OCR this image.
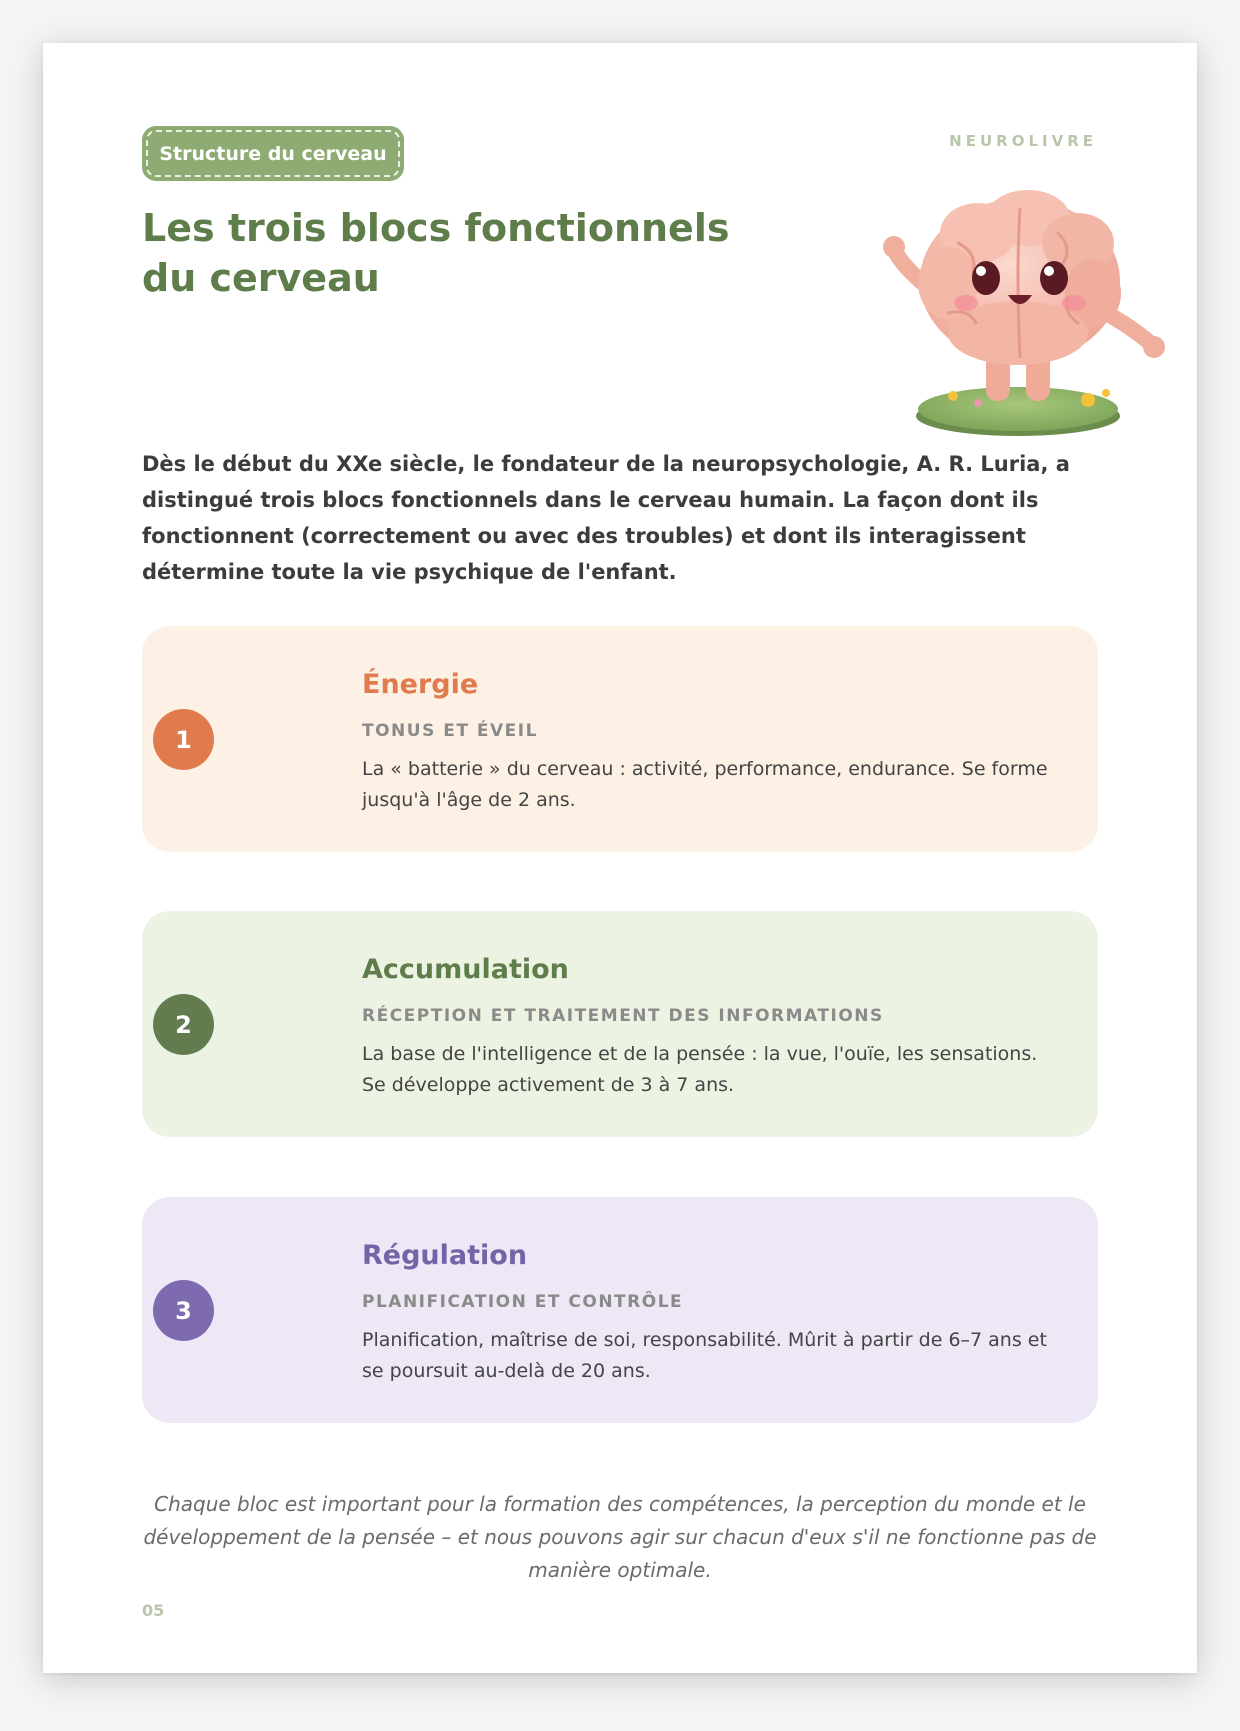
Structure du cerveau
NEUROLIVRE
Les trois blocs fonctionnels du cerveau

Dès le début du XXe siècle, le fondateur de la neuropsychologie, A. R. Luria, a distingué trois blocs fonctionnels dans le cerveau humain. La façon dont ils fonctionnent (correctement ou avec des troubles) et dont ils interagissent détermine toute la vie psychique de l'enfant.

1
Énergie
TONUS ET ÉVEIL

La « batterie » du cerveau : activité, performance, endurance. Se forme jusqu'à l'âge de 2 ans.

2
Accumulation
RÉCEPTION ET TRAITEMENT DES INFORMATIONS

La base de l'intelligence et de la pensée : la vue, l'ouïe, les sensations. Se développe activement de 3 à 7 ans.

3
Régulation
PLANIFICATION ET CONTRÔLE

Planification, maîtrise de soi, responsabilité. Mûrit à partir de 6–7 ans et se poursuit au-delà de 20 ans.

Chaque bloc est important pour la formation des compétences, la perception du monde et le développement de la pensée – et nous pouvons agir sur chacun d'eux s'il ne fonctionne pas de manière optimale.

05
